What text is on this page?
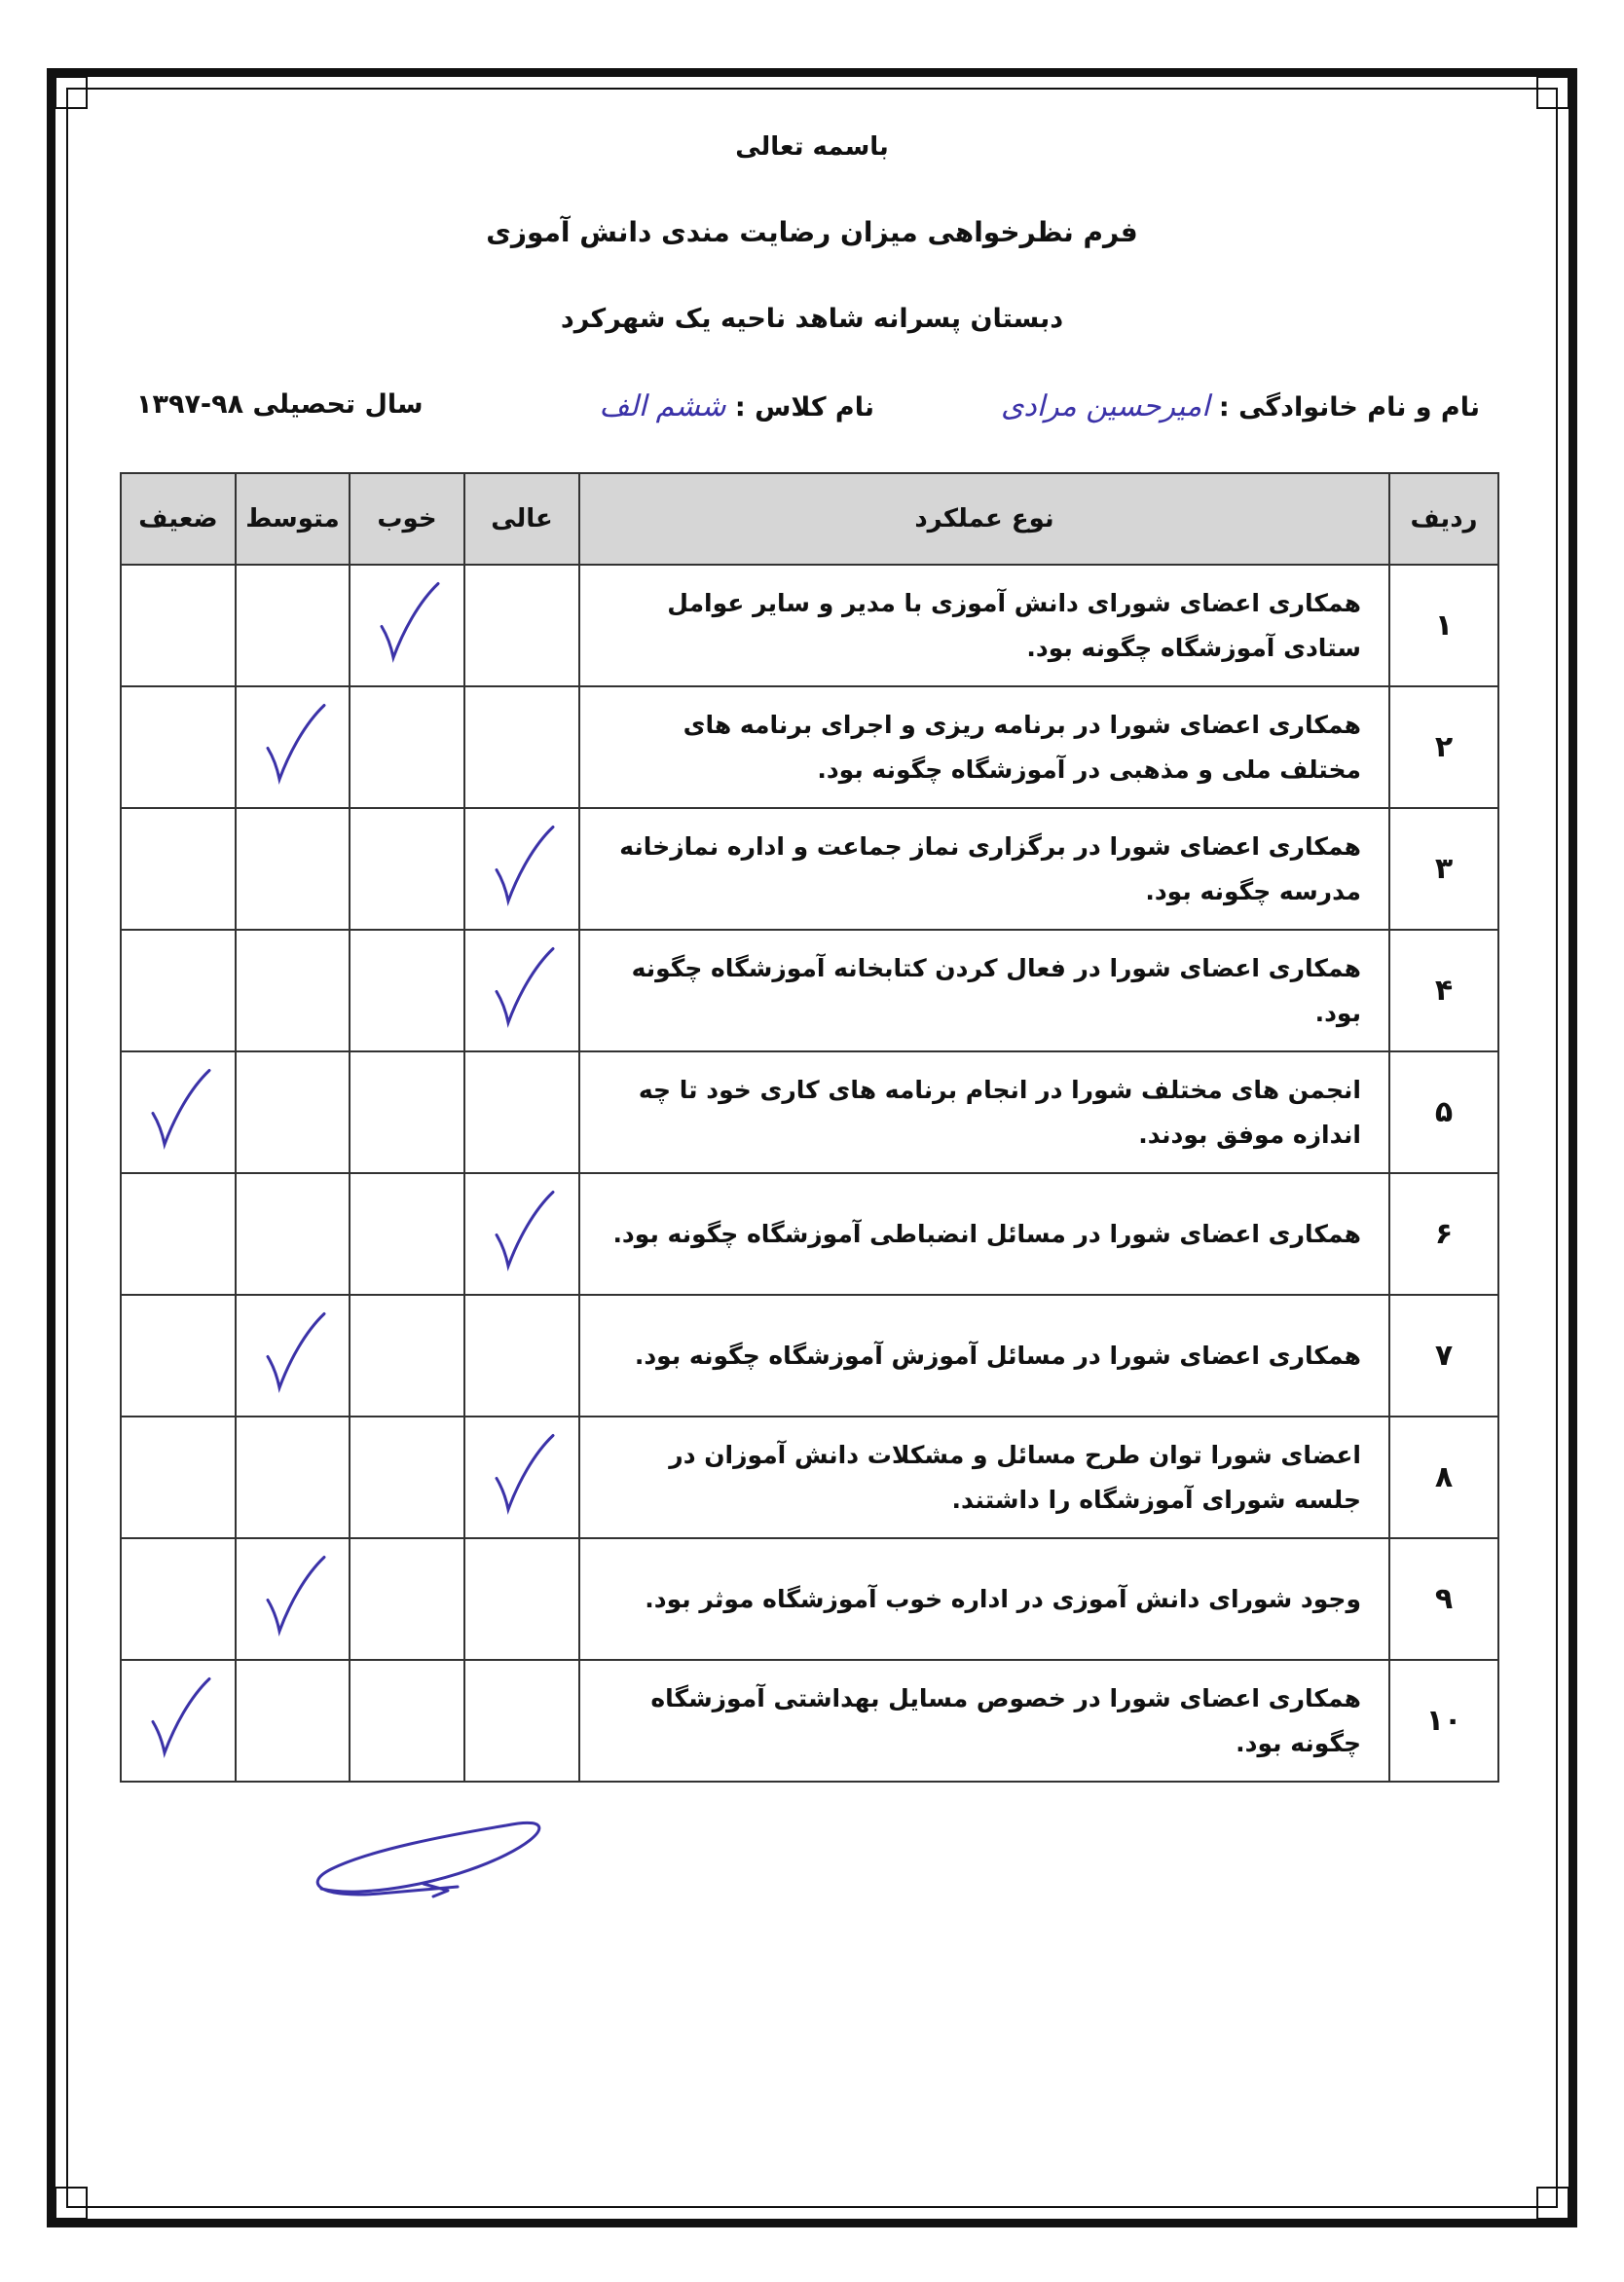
باسمه تعالی
فرم نظرخواهی میزان رضایت مندی دانش آموزی
دبستان پسرانه شاهد ناحیه یک شهرکرد
نام و نام خانوادگی : امیرحسین مرادی
نام کلاس : ششم الف
سال تحصیلی ۹۸-۱۳۹۷
ردیف	نوع عملکرد	عالی	خوب	متوسط	ضعیف
۱	همکاری اعضای شورای دانش آموزی با مدیر و سایر عوامل ستادی آموزشگاه چگونه بود.		

۲	همکاری اعضای شورا در برنامه ریزی و اجرای برنامه های مختلف ملی و مذهبی در آموزشگاه چگونه بود.			

۳	همکاری اعضای شورا در برگزاری نماز جماعت و اداره نمازخانه مدرسه چگونه بود.	

۴	همکاری اعضای شورا در فعال کردن کتابخانه آموزشگاه چگونه بود.	

۵	انجمن های مختلف شورا در انجام برنامه های کاری خود تا چه اندازه موفق بودند.				

۶	همکاری اعضای شورا در مسائل انضباطی آموزشگاه چگونه بود.	

۷	همکاری اعضای شورا در مسائل آموزش آموزشگاه چگونه بود.			

۸	اعضای شورا توان طرح مسائل و مشکلات دانش آموزان در جلسه شورای آموزشگاه را داشتند.	

۹	وجود شورای دانش آموزی در اداره خوب آموزشگاه موثر بود.			

۱۰	همکاری اعضای شورا در خصوص مسایل بهداشتی آموزشگاه چگونه بود.				
